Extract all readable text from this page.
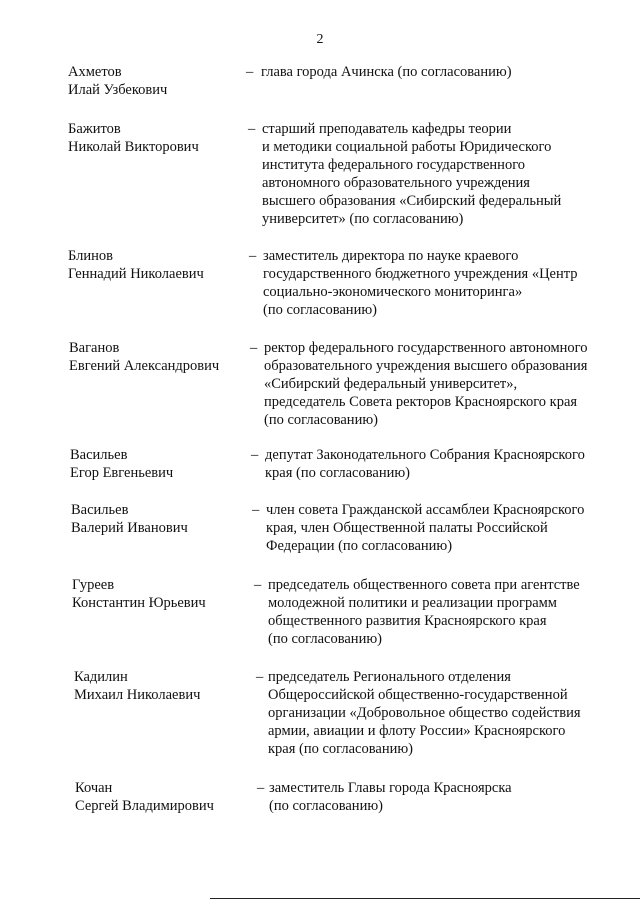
2
Ахметов
Илай Узбекович
– глава города Ачинска (по согласованию)
Бажитов
Николай Викторович
– старший преподаватель кафедры теории
и методики социальной работы Юридического
института федерального государственного
автономного образовательного учреждения
высшего образования «Сибирский федеральный
университет» (по согласованию)
Блинов
Геннадий Николаевич
– заместитель директора по науке краевого
государственного бюджетного учреждения «Центр
социально-экономического мониторинга»
(по согласованию)
Ваганов
Евгений Александрович
– ректор федерального государственного автономного
образовательного учреждения высшего образования
«Сибирский федеральный университет»,
председатель Совета ректоров Красноярского края
(по согласованию)
Васильев
Егор Евгеньевич
– депутат Законодательного Собрания Красноярского
края (по согласованию)
Васильев
Валерий Иванович
– член совета Гражданской ассамблеи Красноярского
края, член Общественной палаты Российской
Федерации (по согласованию)
Гуреев
Константин Юрьевич
– председатель общественного совета при агентстве
молодежной политики и реализации программ
общественного развития Красноярского края
(по согласованию)
Кадилин
Михаил Николаевич
– председатель Регионального отделения
Общероссийской общественно-государственной
организации «Добровольное общество содействия
армии, авиации и флоту России» Красноярского
края (по согласованию)
Кочан
Сергей Владимирович
– заместитель Главы города Красноярска
(по согласованию)
